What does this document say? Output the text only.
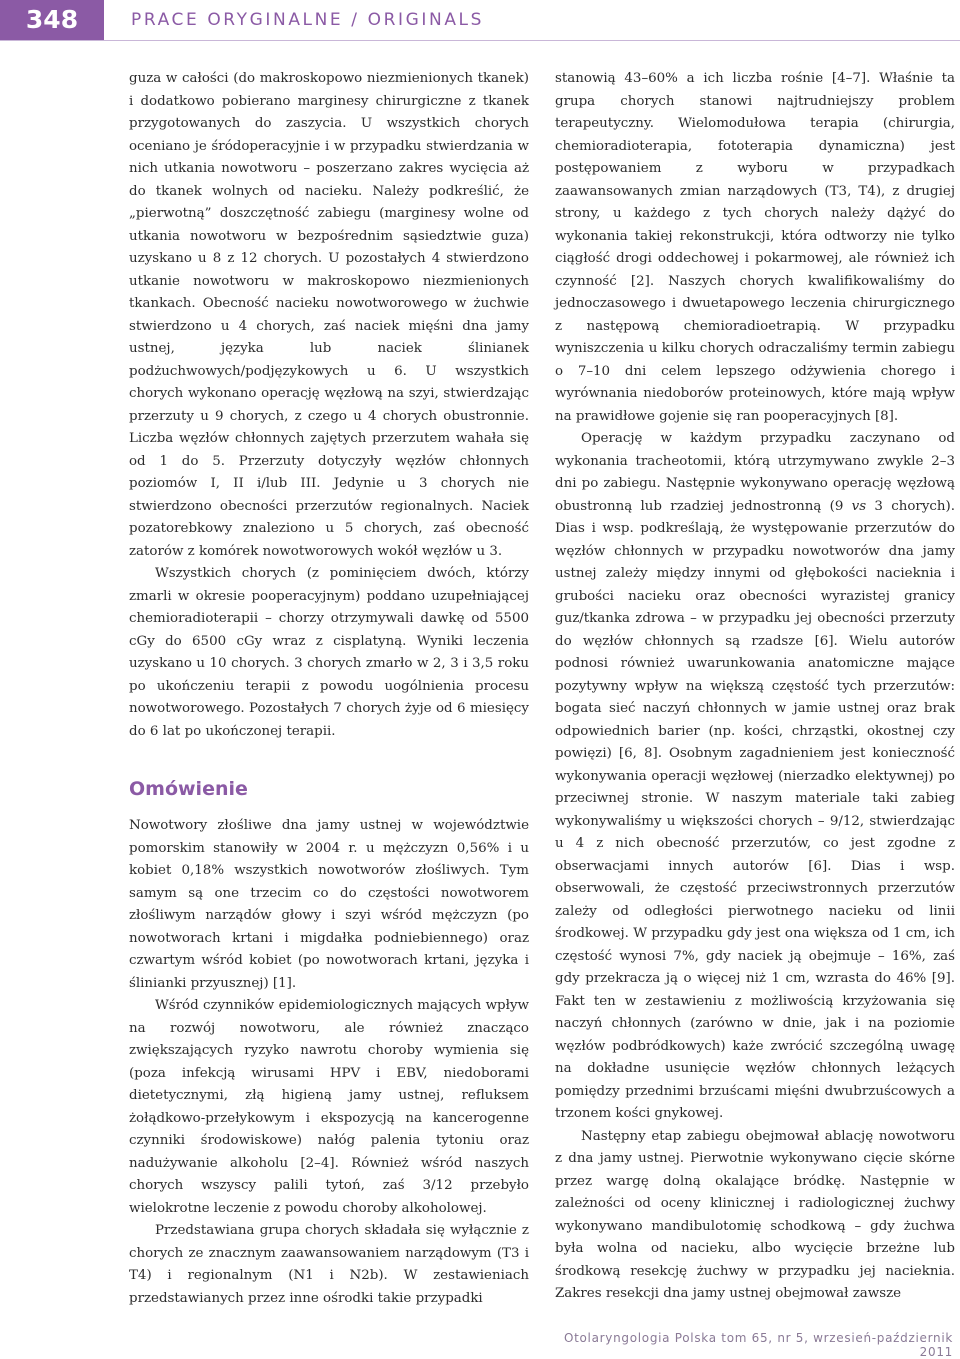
348	PRACE ORYGINALNE / ORIGINALS

guza w całości (do makroskopowo niezmienionych tkanek) i dodatkowo pobierano marginesy chirurgiczne z tkanek przygotowanych do zaszycia. U wszystkich chorych oceniano je śródoperacyjnie i w przypadku stwierdzania w nich utkania nowotworu – poszerzano zakres wycięcia aż do tkanek wolnych od nacieku. Należy podkreślić, że „pierwotną” doszczętność zabiegu (marginesy wolne od utkania nowotworu w bezpośrednim sąsiedztwie guza) uzyskano u 8 z 12 chorych. U pozostałych 4 stwierdzono utkanie nowotworu w makroskopowo niezmienionych tkankach. Obecność nacieku nowotworowego w żuchwie stwierdzono u 4 chorych, zaś naciek mięśni dna jamy ustnej, języka lub naciek ślinianek podżuchwowych/podjęzykowych u 6. U wszystkich chorych wykonano operację węzłową na szyi, stwierdzając przerzuty u 9 chorych, z czego u 4 chorych obustronnie. Liczba węzłów chłonnych zajętych przerzutem wahała się od 1 do 5. Przerzuty dotyczyły węzłów chłonnych poziomów I, II i/lub III. Jedynie u 3 chorych nie stwierdzono obecności przerzutów regionalnych. Naciek pozatorebkowy znaleziono u 5 chorych, zaś obecność zatorów z komórek nowotworowych wokół węzłów u 3.

Wszystkich chorych (z pominięciem dwóch, którzy zmarli w okresie pooperacyjnym) poddano uzupełniającej chemioradioterapii – chorzy otrzymywali dawkę od 5500 cGy do 6500 cGy wraz z cisplatyną. Wyniki leczenia uzyskano u 10 chorych. 3 chorych zmarło w 2, 3 i 3,5 roku po ukończeniu terapii z powodu uogólnienia procesu nowotworowego. Pozostałych 7 chorych żyje od 6 miesięcy do 6 lat po ukończonej terapii.

Omówienie

Nowotwory złośliwe dna jamy ustnej w województwie pomorskim stanowiły w 2004 r. u mężczyzn 0,56% i u kobiet 0,18% wszystkich nowotworów złośliwych. Tym samym są one trzecim co do częstości nowotworem złośliwym narządów głowy i szyi wśród mężczyzn (po nowotworach krtani i migdałka podniebiennego) oraz czwartym wśród kobiet (po nowotworach krtani, języka i ślinianki przyusznej) [1].

Wśród czynników epidemiologicznych mających wpływ na rozwój nowotworu, ale również znacząco zwiększających ryzyko nawrotu choroby wymienia się (poza infekcją wirusami HPV i EBV, niedoborami dietetycznymi, złą higieną jamy ustnej, refluksem żołądkowo-przełykowym i ekspozycją na kancerogenne czynniki środowiskowe) nałóg palenia tytoniu oraz nadużywanie alkoholu [2–4]. Również wśród naszych chorych wszyscy palili tytoń, zaś 3/12 przebyło wielokrotne leczenie z powodu choroby alkoholowej.

Przedstawiana grupa chorych składała się wyłącznie z chorych ze znacznym zaawansowaniem narządowym (T3 i T4) i regionalnym (N1 i N2b). W zestawieniach przedstawianych przez inne ośrodki takie przypadki

stanowią 43–60% a ich liczba rośnie [4–7]. Właśnie ta grupa chorych stanowi najtrudniejszy problem terapeutyczny. Wielomodułowa terapia (chirurgia, chemioradioterapia, fototerapia dynamiczna) jest postępowaniem z wyboru w przypadkach zaawansowanych zmian narządowych (T3, T4), z drugiej strony, u każdego z tych chorych należy dążyć do wykonania takiej rekonstrukcji, która odtworzy nie tylko ciągłość drogi oddechowej i pokarmowej, ale również ich czynność [2]. Naszych chorych kwalifikowaliśmy do jednoczasowego i dwuetapowego leczenia chirurgicznego z następową chemioradioetrapią. W przypadku wyniszczenia u kilku chorych odraczaliśmy termin zabiegu o 7–10 dni celem lepszego odżywienia chorego i wyrównania niedoborów proteinowych, które mają wpływ na prawidłowe gojenie się ran pooperacyjnych [8].

Operację w każdym przypadku zaczynano od wykonania tracheotomii, którą utrzymywano zwykle 2–3 dni po zabiegu. Następnie wykonywano operację węzłową obustronną lub rzadziej jednostronną (9 vs 3 chorych). Dias i wsp. podkreślają, że występowanie przerzutów do węzłów chłonnych w przypadku nowotworów dna jamy ustnej zależy między innymi od głębokości nacieknia i grubości nacieku oraz obecności wyrazistej granicy guz/tkanka zdrowa – w przypadku jej obecności przerzuty do węzłów chłonnych są rzadsze [6]. Wielu autorów podnosi również uwarunkowania anatomiczne mające pozytywny wpływ na większą częstość tych przerzutów: bogata sieć naczyń chłonnych w jamie ustnej oraz brak odpowiednich barier (np. kości, chrząstki, okostnej czy powięzi) [6, 8]. Osobnym zagadnieniem jest konieczność wykonywania operacji węzłowej (nierzadko elektywnej) po przeciwnej stronie. W naszym materiale taki zabieg wykonywaliśmy u większości chorych – 9/12, stwierdzając u 4 z nich obecność przerzutów, co jest zgodne z obserwacjami innych autorów [6]. Dias i wsp. obserwowali, że częstość przeciwstronnych przerzutów zależy od odległości pierwotnego nacieku od linii środkowej. W przypadku gdy jest ona większa od 1 cm, ich częstość wynosi 7%, gdy naciek ją obejmuje – 16%, zaś gdy przekracza ją o więcej niż 1 cm, wzrasta do 46% [9]. Fakt ten w zestawieniu z możliwością krzyżowania się naczyń chłonnych (zarówno w dnie, jak i na poziomie węzłów podbródkowych) każe zwrócić szczególną uwagę na dokładne usunięcie węzłów chłonnych leżących pomiędzy przednimi brzuścami mięśni dwubrzuścowych a trzonem kości gnykowej.

Następny etap zabiegu obejmował ablację nowotworu z dna jamy ustnej. Pierwotnie wykonywano cięcie skórne przez wargę dolną okalające bródkę. Następnie w zależności od oceny klinicznej i radiologicznej żuchwy wykonywano mandibulotomię schodkową – gdy żuchwa była wolna od nacieku, albo wycięcie brzeżne lub środkową resekcję żuchwy w przypadku jej nacieknia. Zakres resekcji dna jamy ustnej obejmował zawsze

Otolaryngologia Polska tom 65, nr 5, wrzesień-październik 2011
